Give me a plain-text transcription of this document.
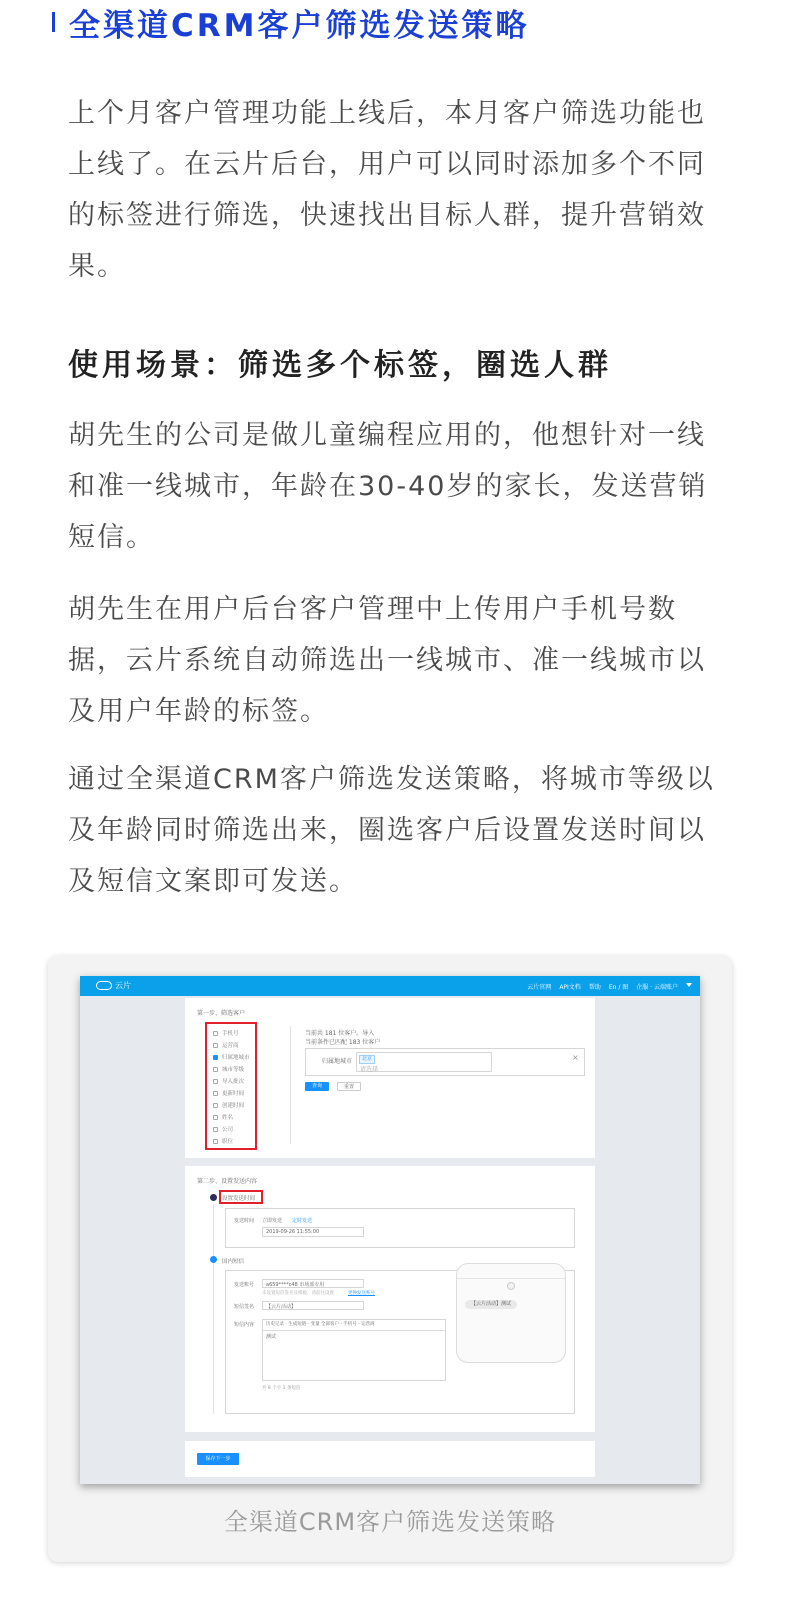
全渠道CRM客户筛选发送策略
上个月客户管理功能上线后，本月客户筛选功能也上线了。在云片后台，用户可以同时添加多个不同的标签进行筛选，快速找出目标人群，提升营销效果。
使用场景：筛选多个标签，圈选人群
胡先生的公司是做儿童编程应用的，他想针对一线和准一线城市，年龄在30-40岁的家长，发送营销短信。
胡先生在用户后台客户管理中上传用户手机号数据，云片系统自动筛选出一线城市、准一线城市以及用户年龄的标签。
通过全渠道CRM客户筛选发送策略，将城市等级以及年龄同时筛选出来，圈选客户后设置发送时间以及短信文案即可发送。
云片	云片官网 API文档 帮助 En / 图 企服 · 云端账户
第一步、筛选客户
手机号
运营商
归属地城市
城市等级
导入批次
更新时间
创建时间
姓名
公司
职位
当前共 181 位客户。导入
当前条件已匹配 183 位客户
归属地城市	北京
请选择
×
查询	重置
第二步、设置发送内容
设置发送时间
发送时间 立即发送 定时发送
2019-09-26 11:55:00
国内短信
发送账号 a659****c48 市场部专用
未设置短信签名及模板，请前往设置	更换发送账号
短信签名 【云片活动】
短信内容	历史记录 · 生成短链 · 变量 全部客户 · 手机号 · 运营商
测试
共 8 个字 1 条短信
【云片活动】测试
保存下一步
全渠道CRM客户筛选发送策略
